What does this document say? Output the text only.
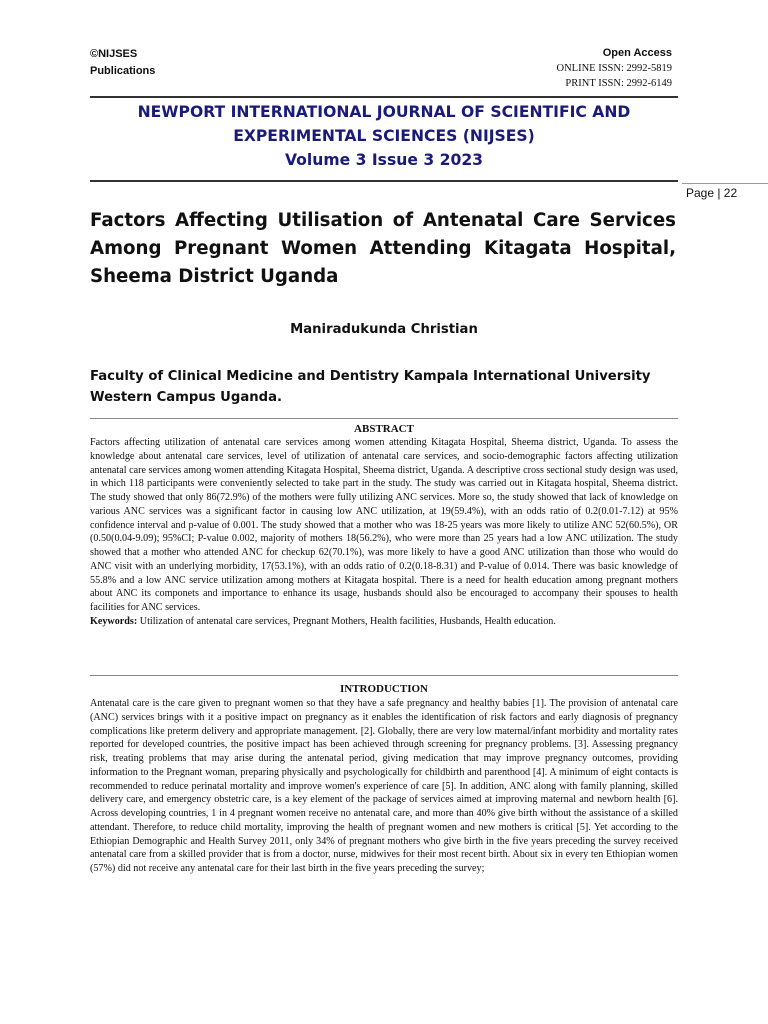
©NIJSES
Publications
Open Access
ONLINE ISSN: 2992-5819
PRINT ISSN: 2992-6149
NEWPORT INTERNATIONAL JOURNAL OF SCIENTIFIC AND EXPERIMENTAL SCIENCES (NIJSES)
Volume 3 Issue 3 2023
Page | 22
Factors Affecting Utilisation of Antenatal Care Services Among Pregnant Women Attending Kitagata Hospital, Sheema District Uganda
Maniradukunda Christian
Faculty of Clinical Medicine and Dentistry Kampala International University Western Campus Uganda.
ABSTRACT
Factors affecting utilization of antenatal care services among women attending Kitagata Hospital, Sheema district, Uganda. To assess the knowledge about antenatal care services, level of utilization of antenatal care services, and socio-demographic factors affecting utilization antenatal care services among women attending Kitagata Hospital, Sheema district, Uganda. A descriptive cross sectional study design was used, in which 118 participants were conveniently selected to take part in the study. The study was carried out in Kitagata hospital, Sheema district. The study showed that only 86(72.9%) of the mothers were fully utilizing ANC services. More so, the study showed that lack of knowledge on various ANC services was a significant factor in causing low ANC utilization, at 19(59.4%), with an odds ratio of 0.2(0.01-7.12) at 95% confidence interval and p-value of 0.001. The study showed that a mother who was 18-25 years was more likely to utilize ANC 52(60.5%), OR (0.50(0.04-9.09); 95%CI; P-value 0.002, majority of mothers 18(56.2%), who were more than 25 years had a low ANC utilization. The study showed that a mother who attended ANC for checkup 62(70.1%), was more likely to have a good ANC utilization than those who would do ANC visit with an underlying morbidity, 17(53.1%), with an odds ratio of 0.2(0.18-8.31) and P-value of 0.014. There was basic knowledge of 55.8% and a low ANC service utilization among mothers at Kitagata hospital. There is a need for health education among pregnant mothers about ANC its componets and importance to enhance its usage, husbands should also be encouraged to accompany their spouses to health facilities for ANC services.
Keywords: Utilization of antenatal care services, Pregnant Mothers, Health facilities, Husbands, Health education.
INTRODUCTION
Antenatal care is the care given to pregnant women so that they have a safe pregnancy and healthy babies [1]. The provision of antenatal care (ANC) services brings with it a positive impact on pregnancy as it enables the identification of risk factors and early diagnosis of pregnancy complications like preterm delivery and appropriate management. [2]. Globally, there are very low maternal/infant morbidity and mortality rates reported for developed countries, the positive impact has been achieved through screening for pregnancy problems. [3]. Assessing pregnancy risk, treating problems that may arise during the antenatal period, giving medication that may improve pregnancy outcomes, providing information to the Pregnant woman, preparing physically and psychologically for childbirth and parenthood [4]. A minimum of eight contacts is recommended to reduce perinatal mortality and improve women's experience of care [5]. In addition, ANC along with family planning, skilled delivery care, and emergency obstetric care, is a key element of the package of services aimed at improving maternal and newborn health [6]. Across developing countries, 1 in 4 pregnant women receive no antenatal care, and more than 40% give birth without the assistance of a skilled attendant. Therefore, to reduce child mortality, improving the health of pregnant women and new mothers is critical [5]. Yet according to the Ethiopian Demographic and Health Survey 2011, only 34% of pregnant mothers who give birth in the five years preceding the survey received antenatal care from a skilled provider that is from a doctor, nurse, midwives for their most recent birth. About six in every ten Ethiopian women (57%) did not receive any antenatal care for their last birth in the five years preceding the survey;
